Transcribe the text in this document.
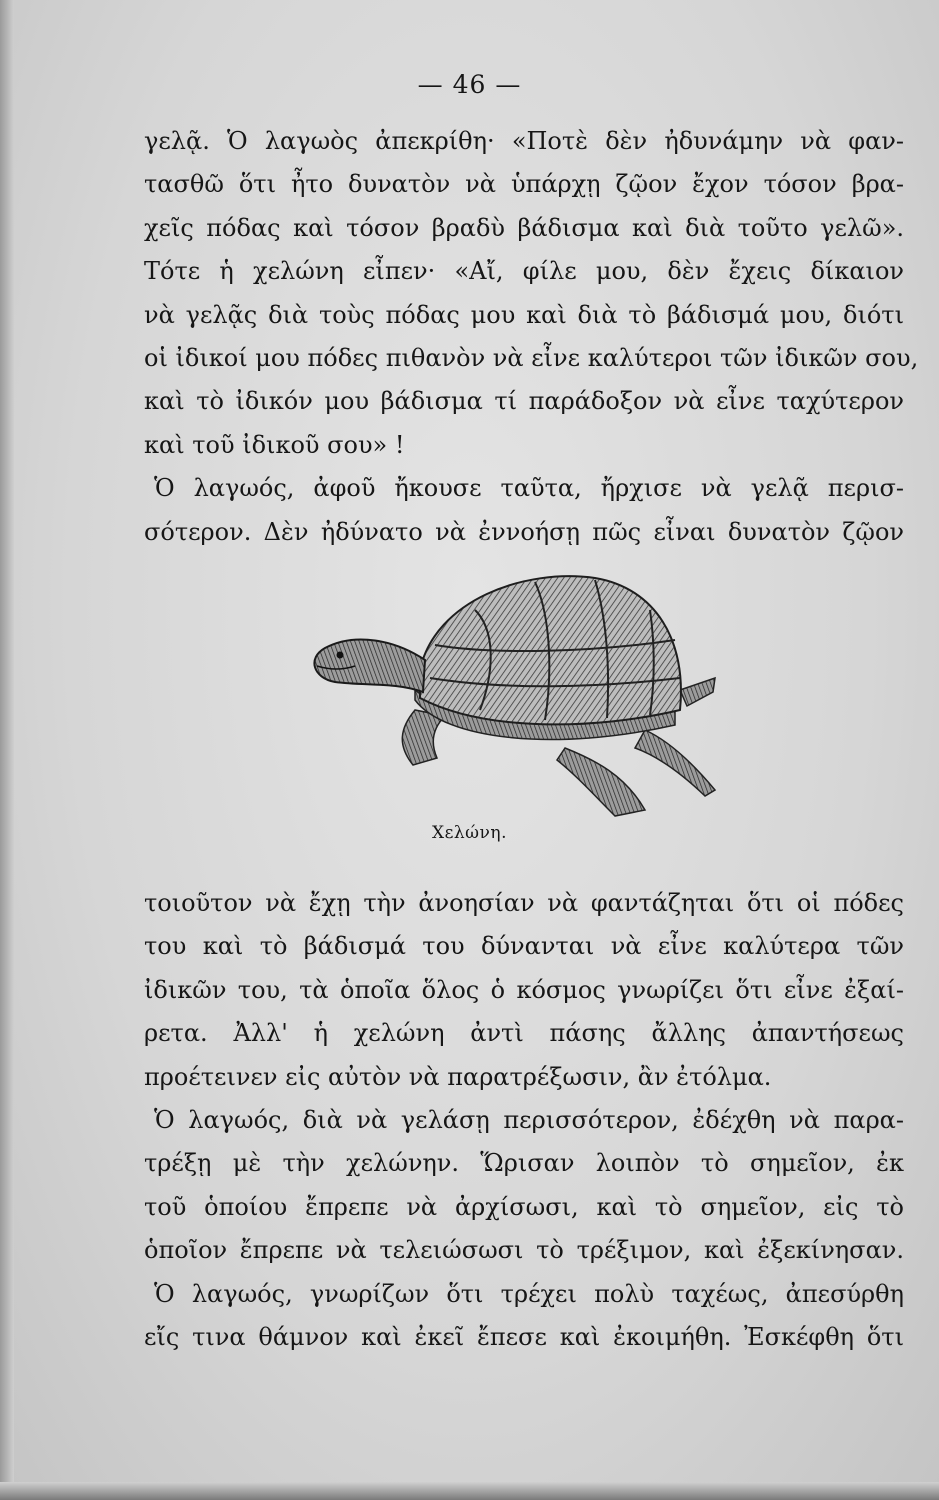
— 46 —
γελᾷ. Ὁ λαγωὸς ἀπεκρίθη· «Ποτὲ δὲν ἠδυνάμην νὰ φαν-
τασθῶ ὅτι ἦτο δυνατὸν νὰ ὑπάρχῃ ζῷον ἔχον τόσον βρα-
χεῖς πόδας καὶ τόσον βραδὺ βάδισμα καὶ διὰ τοῦτο γελῶ».
Τότε ἡ χελώνη εἶπεν· «Αἴ, φίλε μου, δὲν ἔχεις δίκαιον
νὰ γελᾷς διὰ τοὺς πόδας μου καὶ διὰ τὸ βάδισμά μου, διότι
οἱ ἰδικοί μου πόδες πιθανὸν νὰ εἶνε καλύτεροι τῶν ἰδικῶν σου,
καὶ τὸ ἰδικόν μου βάδισμα τί παράδοξον νὰ εἶνε ταχύτερον
καὶ τοῦ ἰδικοῦ σου» !
Ὁ λαγωός, ἀφοῦ ἤκουσε ταῦτα, ἤρχισε νὰ γελᾷ περισ-
σότερον. Δὲν ἠδύνατο νὰ ἐννοήσῃ πῶς εἶναι δυνατὸν ζῷον
Χελώνη.
τοιοῦτον νὰ ἔχῃ τὴν ἀνοησίαν νὰ φαντάζηται ὅτι οἱ πόδες
του καὶ τὸ βάδισμά του δύνανται νὰ εἶνε καλύτερα τῶν
ἰδικῶν του, τὰ ὁποῖα ὅλος ὁ κόσμος γνωρίζει ὅτι εἶνε ἐξαί-
ρετα. Ἀλλ' ἡ χελώνη ἀντὶ πάσης ἄλλης ἀπαντήσεως
προέτεινεν εἰς αὐτὸν νὰ παρατρέξωσιν, ἂν ἐτόλμα.
Ὁ λαγωός, διὰ νὰ γελάσῃ περισσότερον, ἐδέχθη νὰ παρα-
τρέξῃ μὲ τὴν χελώνην. Ὥρισαν λοιπὸν τὸ σημεῖον, ἐκ
τοῦ ὁποίου ἔπρεπε νὰ ἀρχίσωσι, καὶ τὸ σημεῖον, εἰς τὸ
ὁποῖον ἔπρεπε νὰ τελειώσωσι τὸ τρέξιμον, καὶ ἐξεκίνησαν.
Ὁ λαγωός, γνωρίζων ὅτι τρέχει πολὺ ταχέως, ἀπεσύρθη
εἴς τινα θάμνον καὶ ἐκεῖ ἔπεσε καὶ ἐκοιμήθη. Ἐσκέφθη ὅτι
